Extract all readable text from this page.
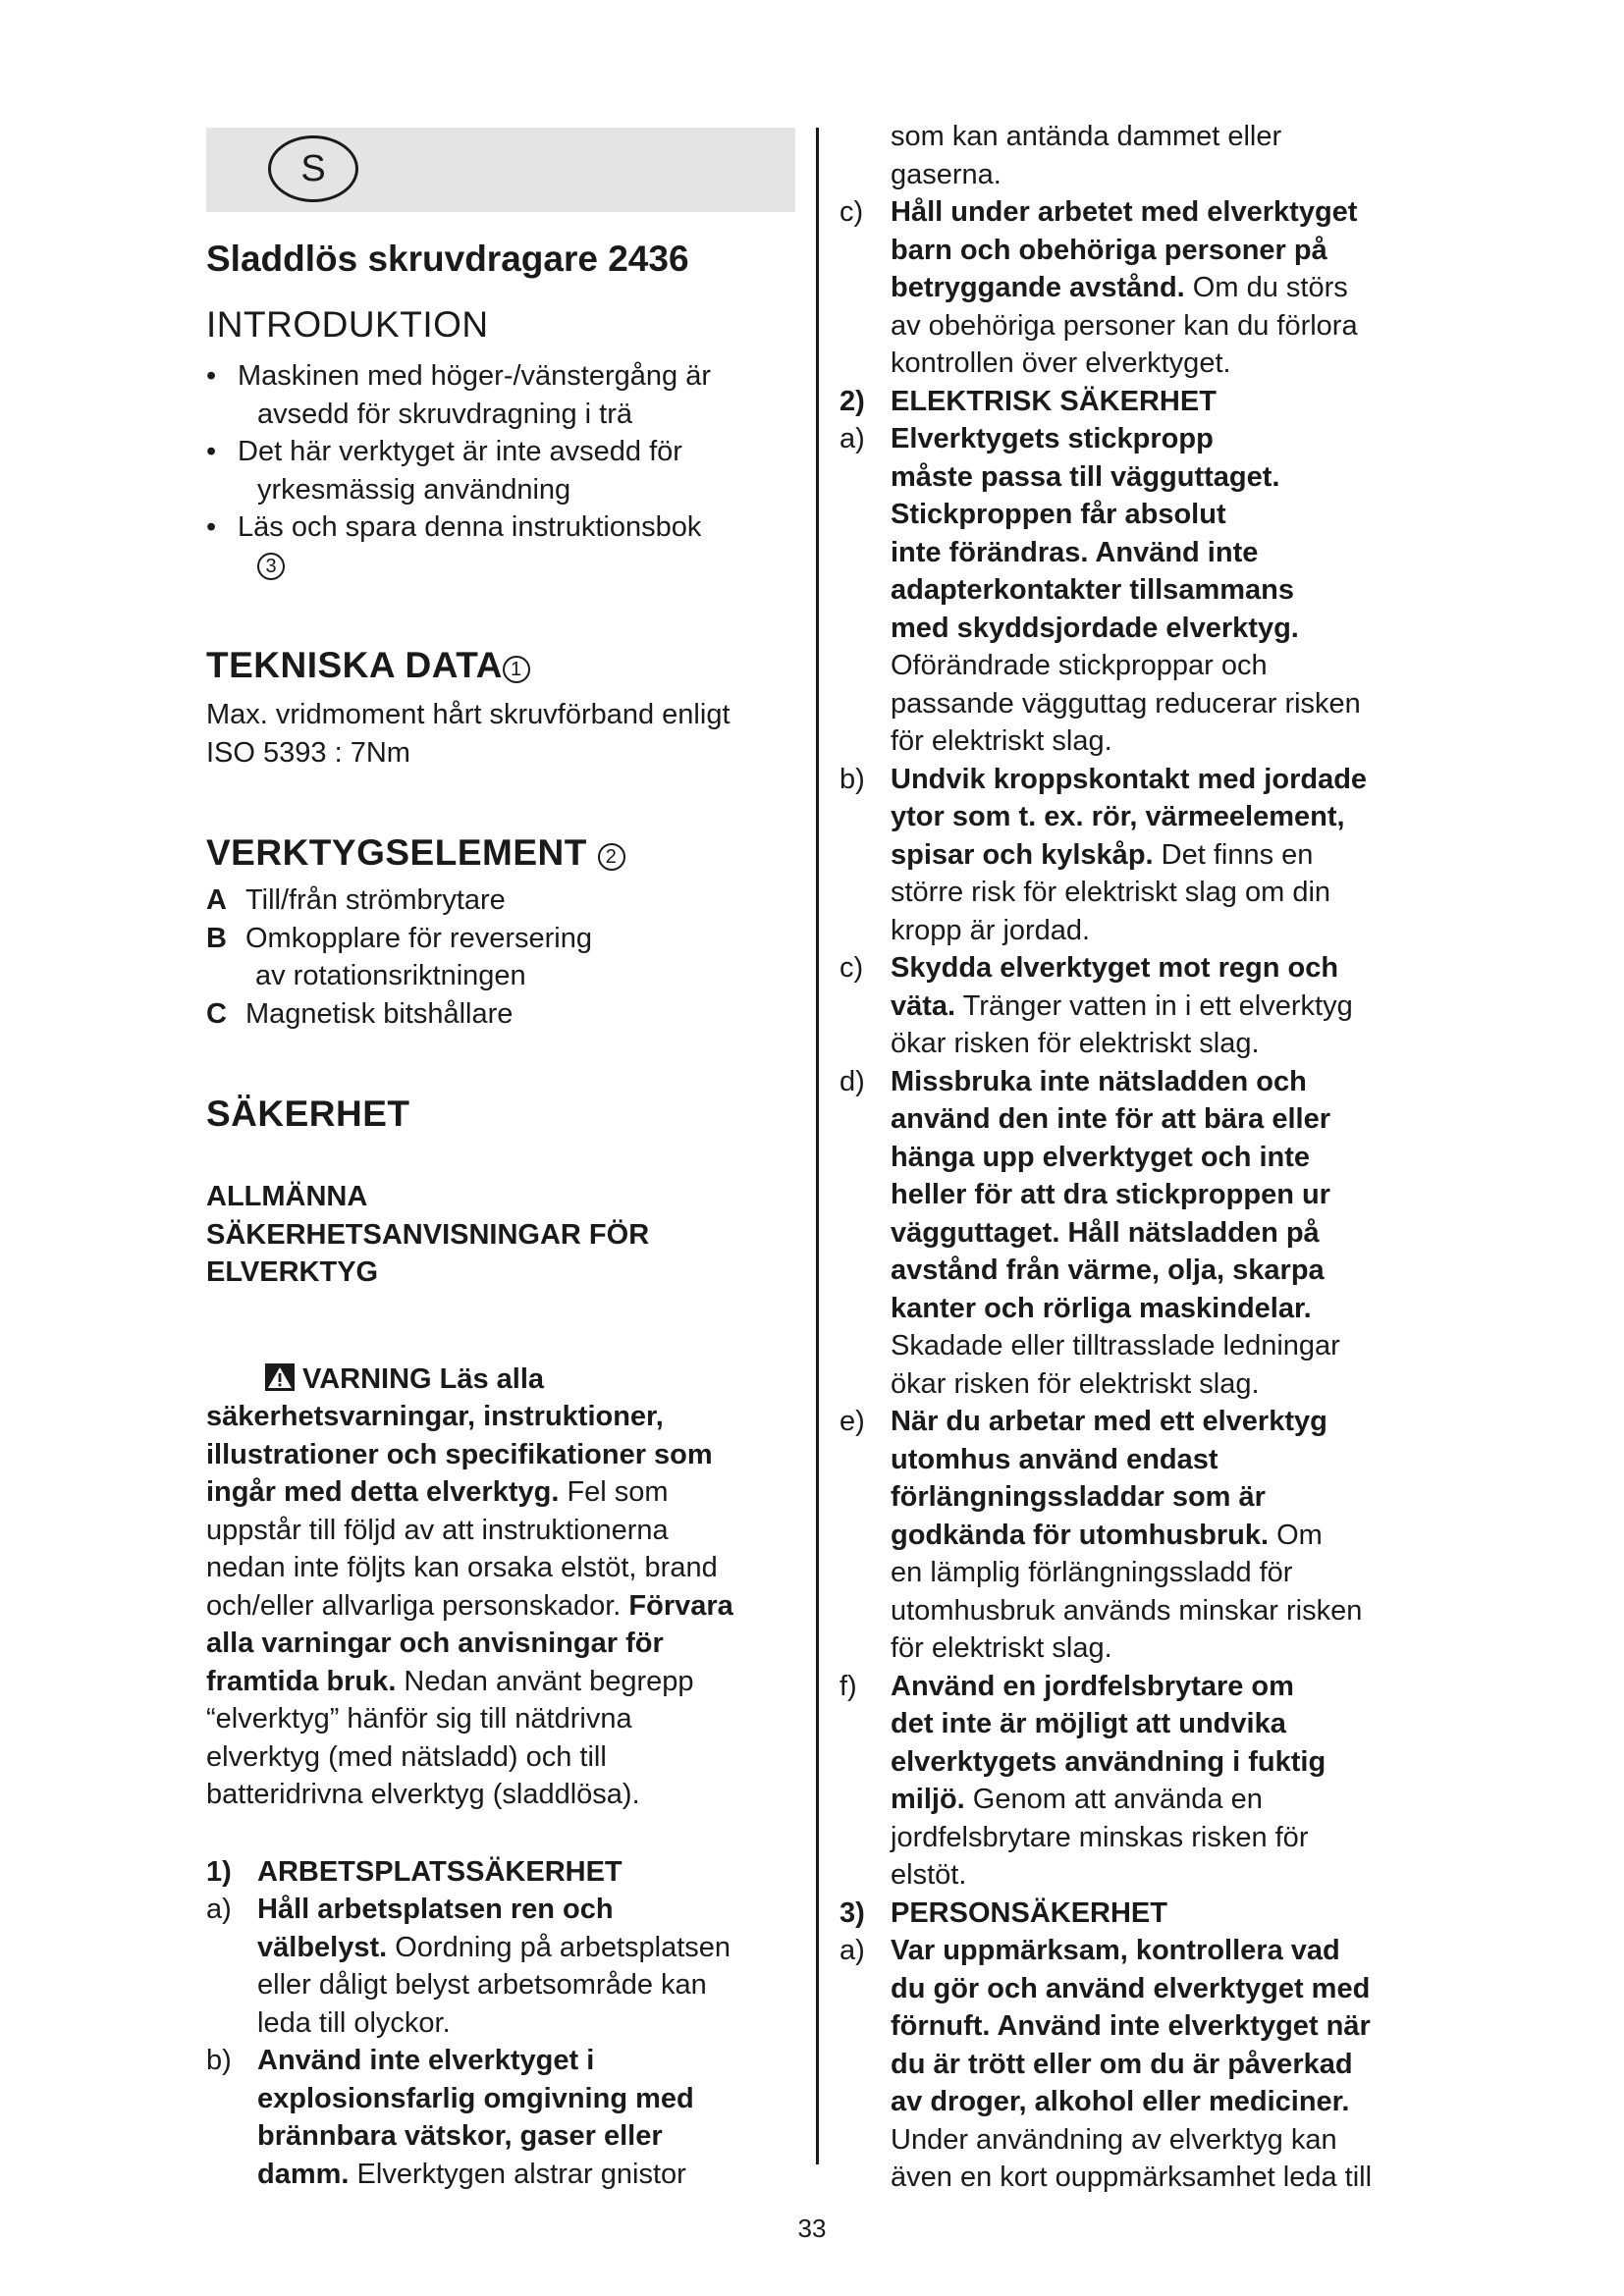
S
Sladdlös skruvdragare 2436
INTRODUKTION
• Maskinen med höger-/vänstergång är
avsedd för skruvdragning i trä
• Det här verktyget är inte avsedd för
yrkesmässig användning
• Läs och spara denna instruktionsbok
3
TEKNISKA DATA 1
Max. vridmoment hårt skruvförband enligt
ISO 5393 : 7Nm
VERKTYGSELEMENT 2
A Till/från strömbrytare
B Omkopplare för reversering
av rotationsriktningen
C Magnetisk bitshållare
SÄKERHET
ALLMÄNNA
SÄKERHETSANVISNINGAR FÖR
ELVERKTYG

VARNING Läs alla

säkerhetsvarningar, instruktioner,

illustrationer och specifikationer som

ingår med detta elverktyg. Fel som

uppstår till följd av att instruktionerna

nedan inte följts kan orsaka elstöt, brand

och/eller allvarliga personskador. Förvara

alla varningar och anvisningar för

framtida bruk. Nedan använt begrepp

“elverktyg” hänför sig till nätdrivna

elverktyg (med nätsladd) och till

batteridrivna elverktyg (sladdlösa).

1) ARBETSPLATSSÄKERHET
a) Håll arbetsplatsen ren och
välbelyst. Oordning på arbetsplatsen
eller dåligt belyst arbetsområde kan
leda till olyckor.
b) Använd inte elverktyget i
explosionsfarlig omgivning med
brännbara vätskor, gaser eller
damm. Elverktygen alstrar gnistor
som kan antända dammet eller
gaserna.
c) Håll under arbetet med elverktyget
barn och obehöriga personer på
betryggande avstånd. Om du störs
av obehöriga personer kan du förlora
kontrollen över elverktyget.
2) ELEKTRISK SÄKERHET
a) Elverktygets stickpropp
måste passa till vägguttaget.
Stickproppen får absolut
inte förändras. Använd inte
adapterkontakter tillsammans
med skyddsjordade elverktyg.
Oförändrade stickproppar och
passande vägguttag reducerar risken
för elektriskt slag.
b) Undvik kroppskontakt med jordade
ytor som t. ex. rör, värmeelement,
spisar och kylskåp. Det finns en
större risk för elektriskt slag om din
kropp är jordad.
c) Skydda elverktyget mot regn och
väta. Tränger vatten in i ett elverktyg
ökar risken för elektriskt slag.
d) Missbruka inte nätsladden och
använd den inte för att bära eller
hänga upp elverktyget och inte
heller för att dra stickproppen ur
vägguttaget. Håll nätsladden på
avstånd från värme, olja, skarpa
kanter och rörliga maskindelar.
Skadade eller tilltrasslade ledningar
ökar risken för elektriskt slag.
e) När du arbetar med ett elverktyg
utomhus använd endast
förlängningssladdar som är
godkända för utomhusbruk. Om
en lämplig förlängningssladd för
utomhusbruk används minskar risken
för elektriskt slag.
f) Använd en jordfelsbrytare om
det inte är möjligt att undvika
elverktygets användning i fuktig
miljö. Genom att använda en
jordfelsbrytare minskas risken för
elstöt.
3) PERSONSÄKERHET
a) Var uppmärksam, kontrollera vad
du gör och använd elverktyget med
förnuft. Använd inte elverktyget när
du är trött eller om du är påverkad
av droger, alkohol eller mediciner.
Under användning av elverktyg kan
även en kort ouppmärksamhet leda till
33
